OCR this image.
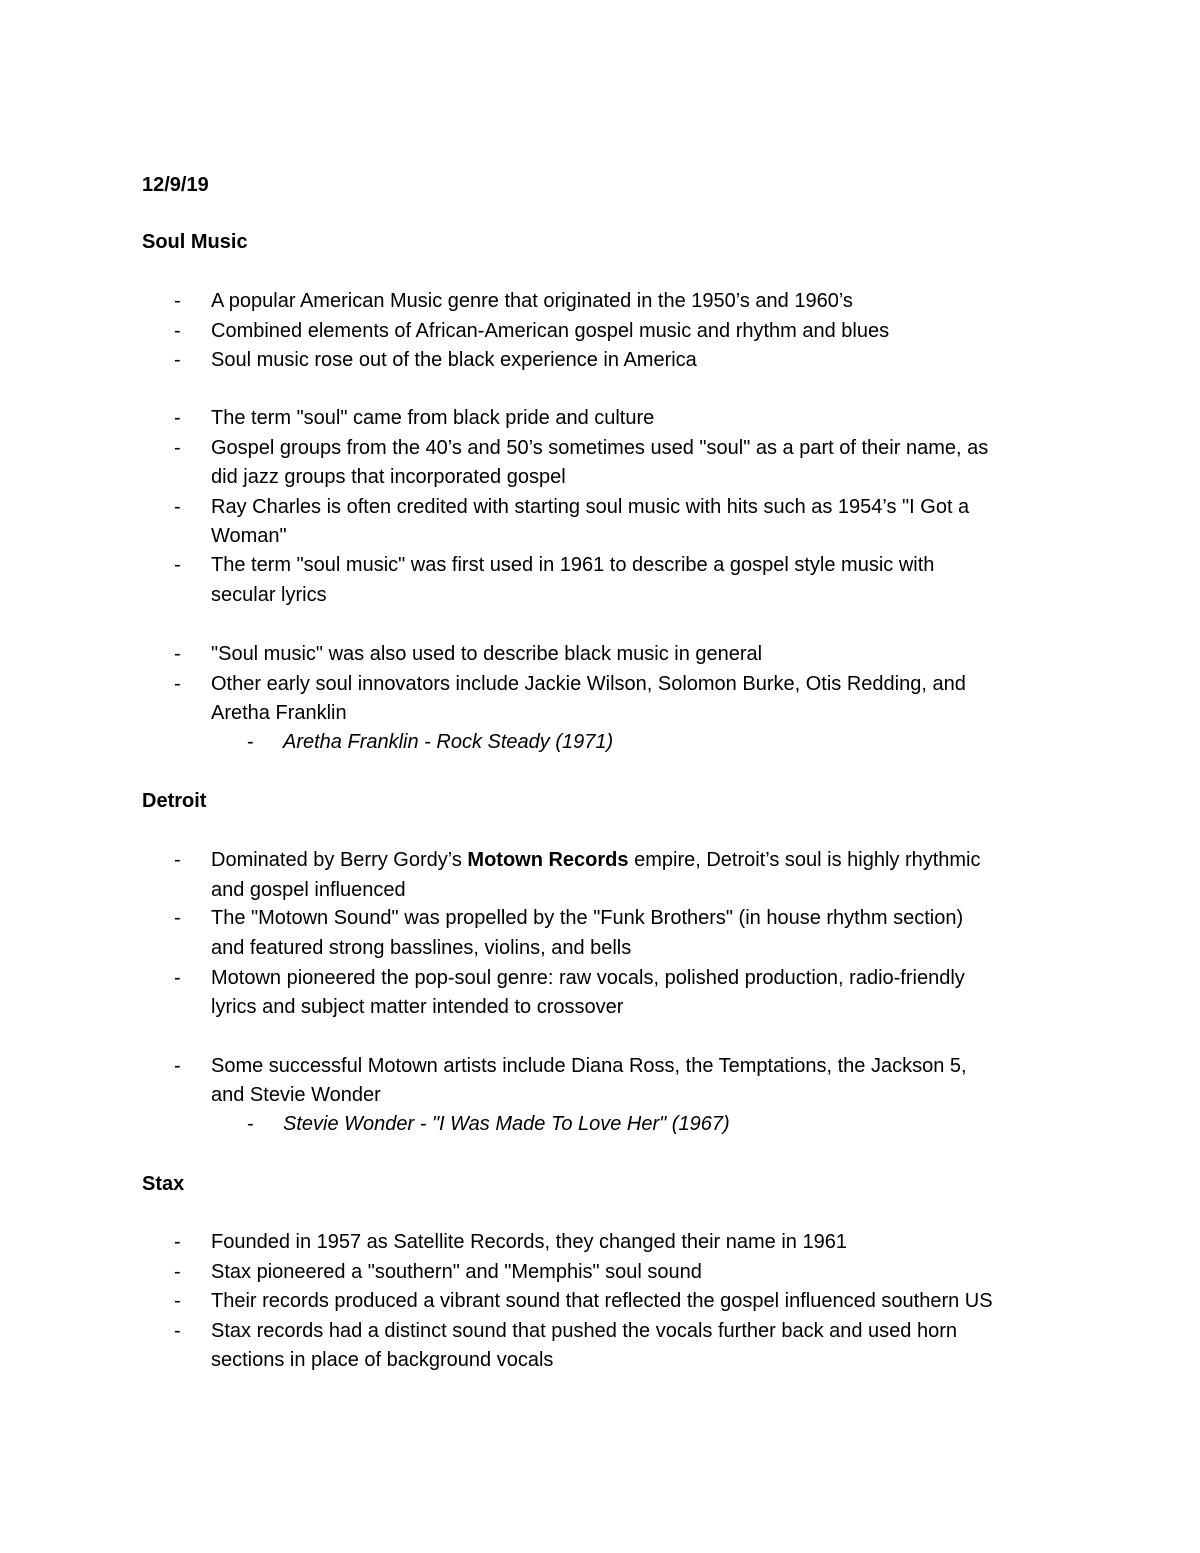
12/9/19
Soul Music
- A popular American Music genre that originated in the 1950’s and 1960’s
- Combined elements of African-American gospel music and rhythm and blues
- Soul music rose out of the black experience in America
- The term "soul" came from black pride and culture
- Gospel groups from the 40’s and 50’s sometimes used "soul" as a part of their name, as
did jazz groups that incorporated gospel
- Ray Charles is often credited with starting soul music with hits such as 1954’s "I Got a
Woman"
- The term "soul music" was first used in 1961 to describe a gospel style music with
secular lyrics
- "Soul music" was also used to describe black music in general
- Other early soul innovators include Jackie Wilson, Solomon Burke, Otis Redding, and
Aretha Franklin
- Aretha Franklin - Rock Steady (1971)
Detroit
- Dominated by Berry Gordy’s Motown Records empire, Detroit’s soul is highly rhythmic
and gospel influenced
- The "Motown Sound" was propelled by the "Funk Brothers" (in house rhythm section)
and featured strong basslines, violins, and bells
- Motown pioneered the pop-soul genre: raw vocals, polished production, radio-friendly
lyrics and subject matter intended to crossover
- Some successful Motown artists include Diana Ross, the Temptations, the Jackson 5,
and Stevie Wonder
- Stevie Wonder - "I Was Made To Love Her" (1967)
Stax
- Founded in 1957 as Satellite Records, they changed their name in 1961
- Stax pioneered a "southern" and "Memphis" soul sound
- Their records produced a vibrant sound that reflected the gospel influenced southern US
- Stax records had a distinct sound that pushed the vocals further back and used horn
sections in place of background vocals
